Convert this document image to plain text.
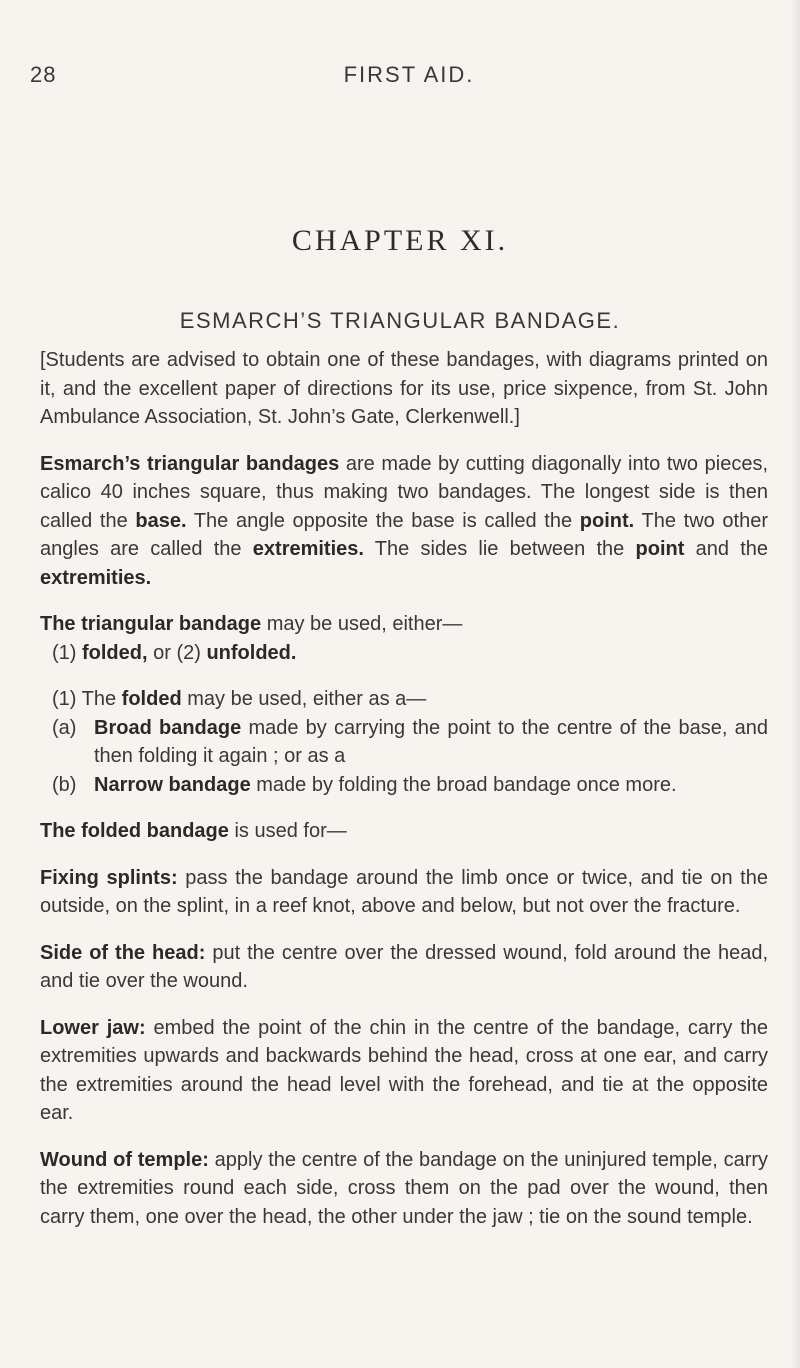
28	FIRST AID.
CHAPTER XI.
ESMARCH’S TRIANGULAR BANDAGE.

[Students are advised to obtain one of these bandages, with diagrams printed on it, and the excellent paper of directions for its use, price sixpence, from St. John Ambulance Association, St. John’s Gate, Clerkenwell.]

Esmarch’s triangular bandages are made by cutting diagonally into two pieces, calico 40 inches square, thus making two bandages. The longest side is then called the base. The angle opposite the base is called the point. The two other angles are called the extremities. The sides lie between the point and the extremities.

The triangular bandage may be used, either—

(1) folded, or (2) unfolded.

(1) The folded may be used, either as a—

(a) Broad bandage made by carrying the point to the centre of the base, and then folding it again ; or as a

(b) Narrow bandage made by folding the broad bandage once more.

The folded bandage is used for—

Fixing splints: pass the bandage around the limb once or twice, and tie on the outside, on the splint, in a reef knot, above and below, but not over the fracture.

Side of the head: put the centre over the dressed wound, fold around the head, and tie over the wound.

Lower jaw: embed the point of the chin in the centre of the bandage, carry the extremities upwards and backwards behind the head, cross at one ear, and carry the extremities around the head level with the forehead, and tie at the opposite ear.

Wound of temple: apply the centre of the bandage on the uninjured temple, carry the extremities round each side, cross them on the pad over the wound, then carry them, one over the head, the other under the jaw ; tie on the sound temple.
